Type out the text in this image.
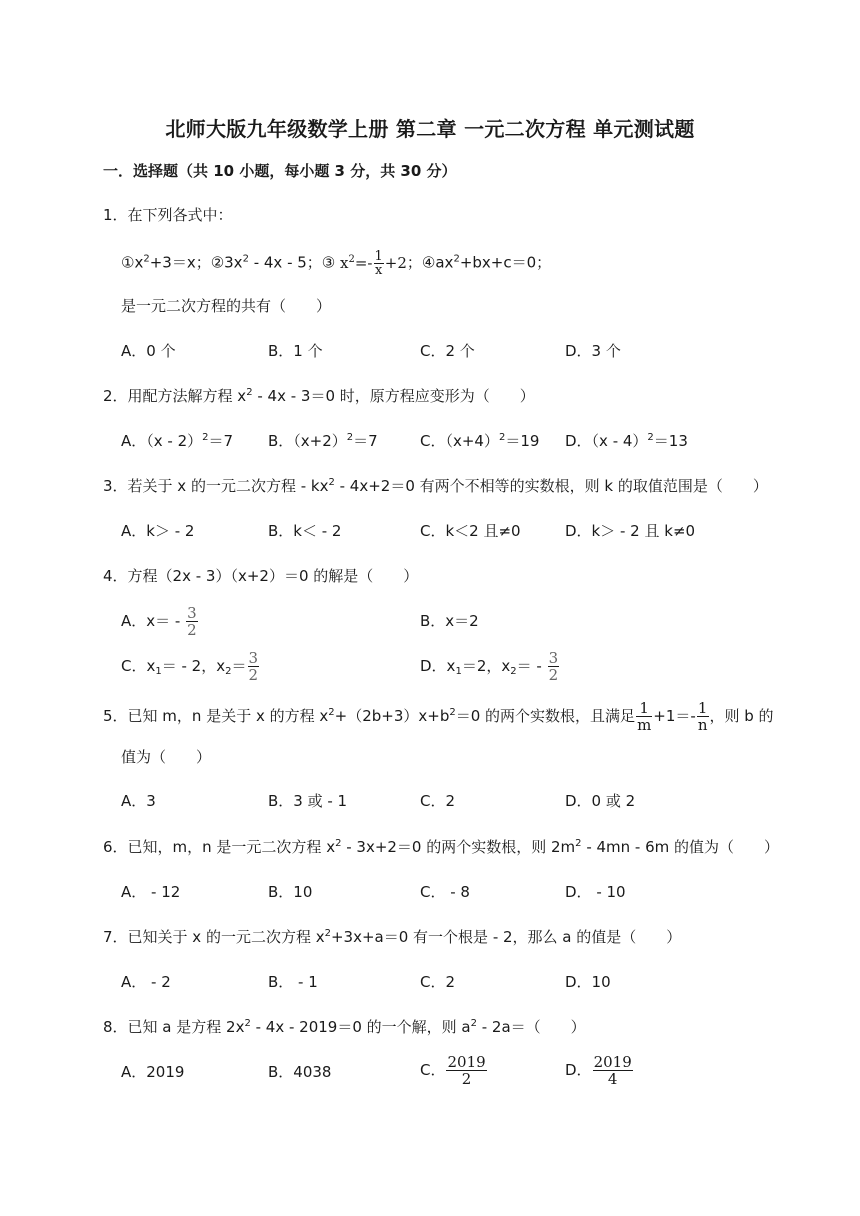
北师大版九年级数学上册 第二章 一元二次方程 单元测试题
一．选择题（共 10 小题，每小题 3 分，共 30 分）
1．在下列各式中：
$①x^2+3=x$；$②3x^2 - 4x - 5$；③ $x^2=- \frac{1}{x} +2$；$④ax^2+bx+c=0$；
是一元二次方程的共有（　　）
A．0 个	B．1 个	C．2 个	D．3 个
2．用配方法解方程 $x^2 - 4x - 3=0$ 时，原方程应变形为（　　）
A．（x - 2）$^2$＝7 B．$(x+2)^2=7$	C．$(x+4)^2=19$ D．（x - 4）$^2$＝13
3．若关于 x 的一元二次方程 - $kx^2 - 4x+2=0$ 有两个不相等的实数根，则 k 的取值范围是（　　）
A．k＞ - 2	B．k＜ - 2	C．k＜2 且≠0	D．k＞ - 2 且 k≠0
4．方程（2x - 3）（x+2）＝0 的解是（　　）
A．$x= - \frac{3}{2}$	B．x＝2
C．$x_1= - 2$，$x_2= \frac{3}{2}$	D．$x_1=2$，$x_2= - \frac{3}{2}$
5．已知 m，n 是关于 x 的方程 $x^2+(2b+3)x+b^2=0$ 的两个实数根，且满足 $\frac{1}{m} +1=- \frac{1}{n}$ ，则 b 的
值为（　　）
A．3	B．3 或 - 1	C．2	D．0 或 2
6．已知，m，n 是一元二次方程 $x^2 - 3x+2=0$ 的两个实数根，则 $2m^2 - 4mn - 6m$ 的值为（　　）
A． - 12	B．10	C． - 8	D． - 10
7．已知关于 x 的一元二次方程 $x^2+3x+a=0$ 有一个根是 - 2，那么 a 的值是（　　）
A． - 2	B． - 1	C．2	D．10
8．已知 a 是方程 $2x^2 - 4x - 2019=0$ 的一个解，则 $a^2 - 2a=$（　　）
A．2019	B．4038	C． $\frac{2019}{2}$	D． $\frac{2019}{4}$
